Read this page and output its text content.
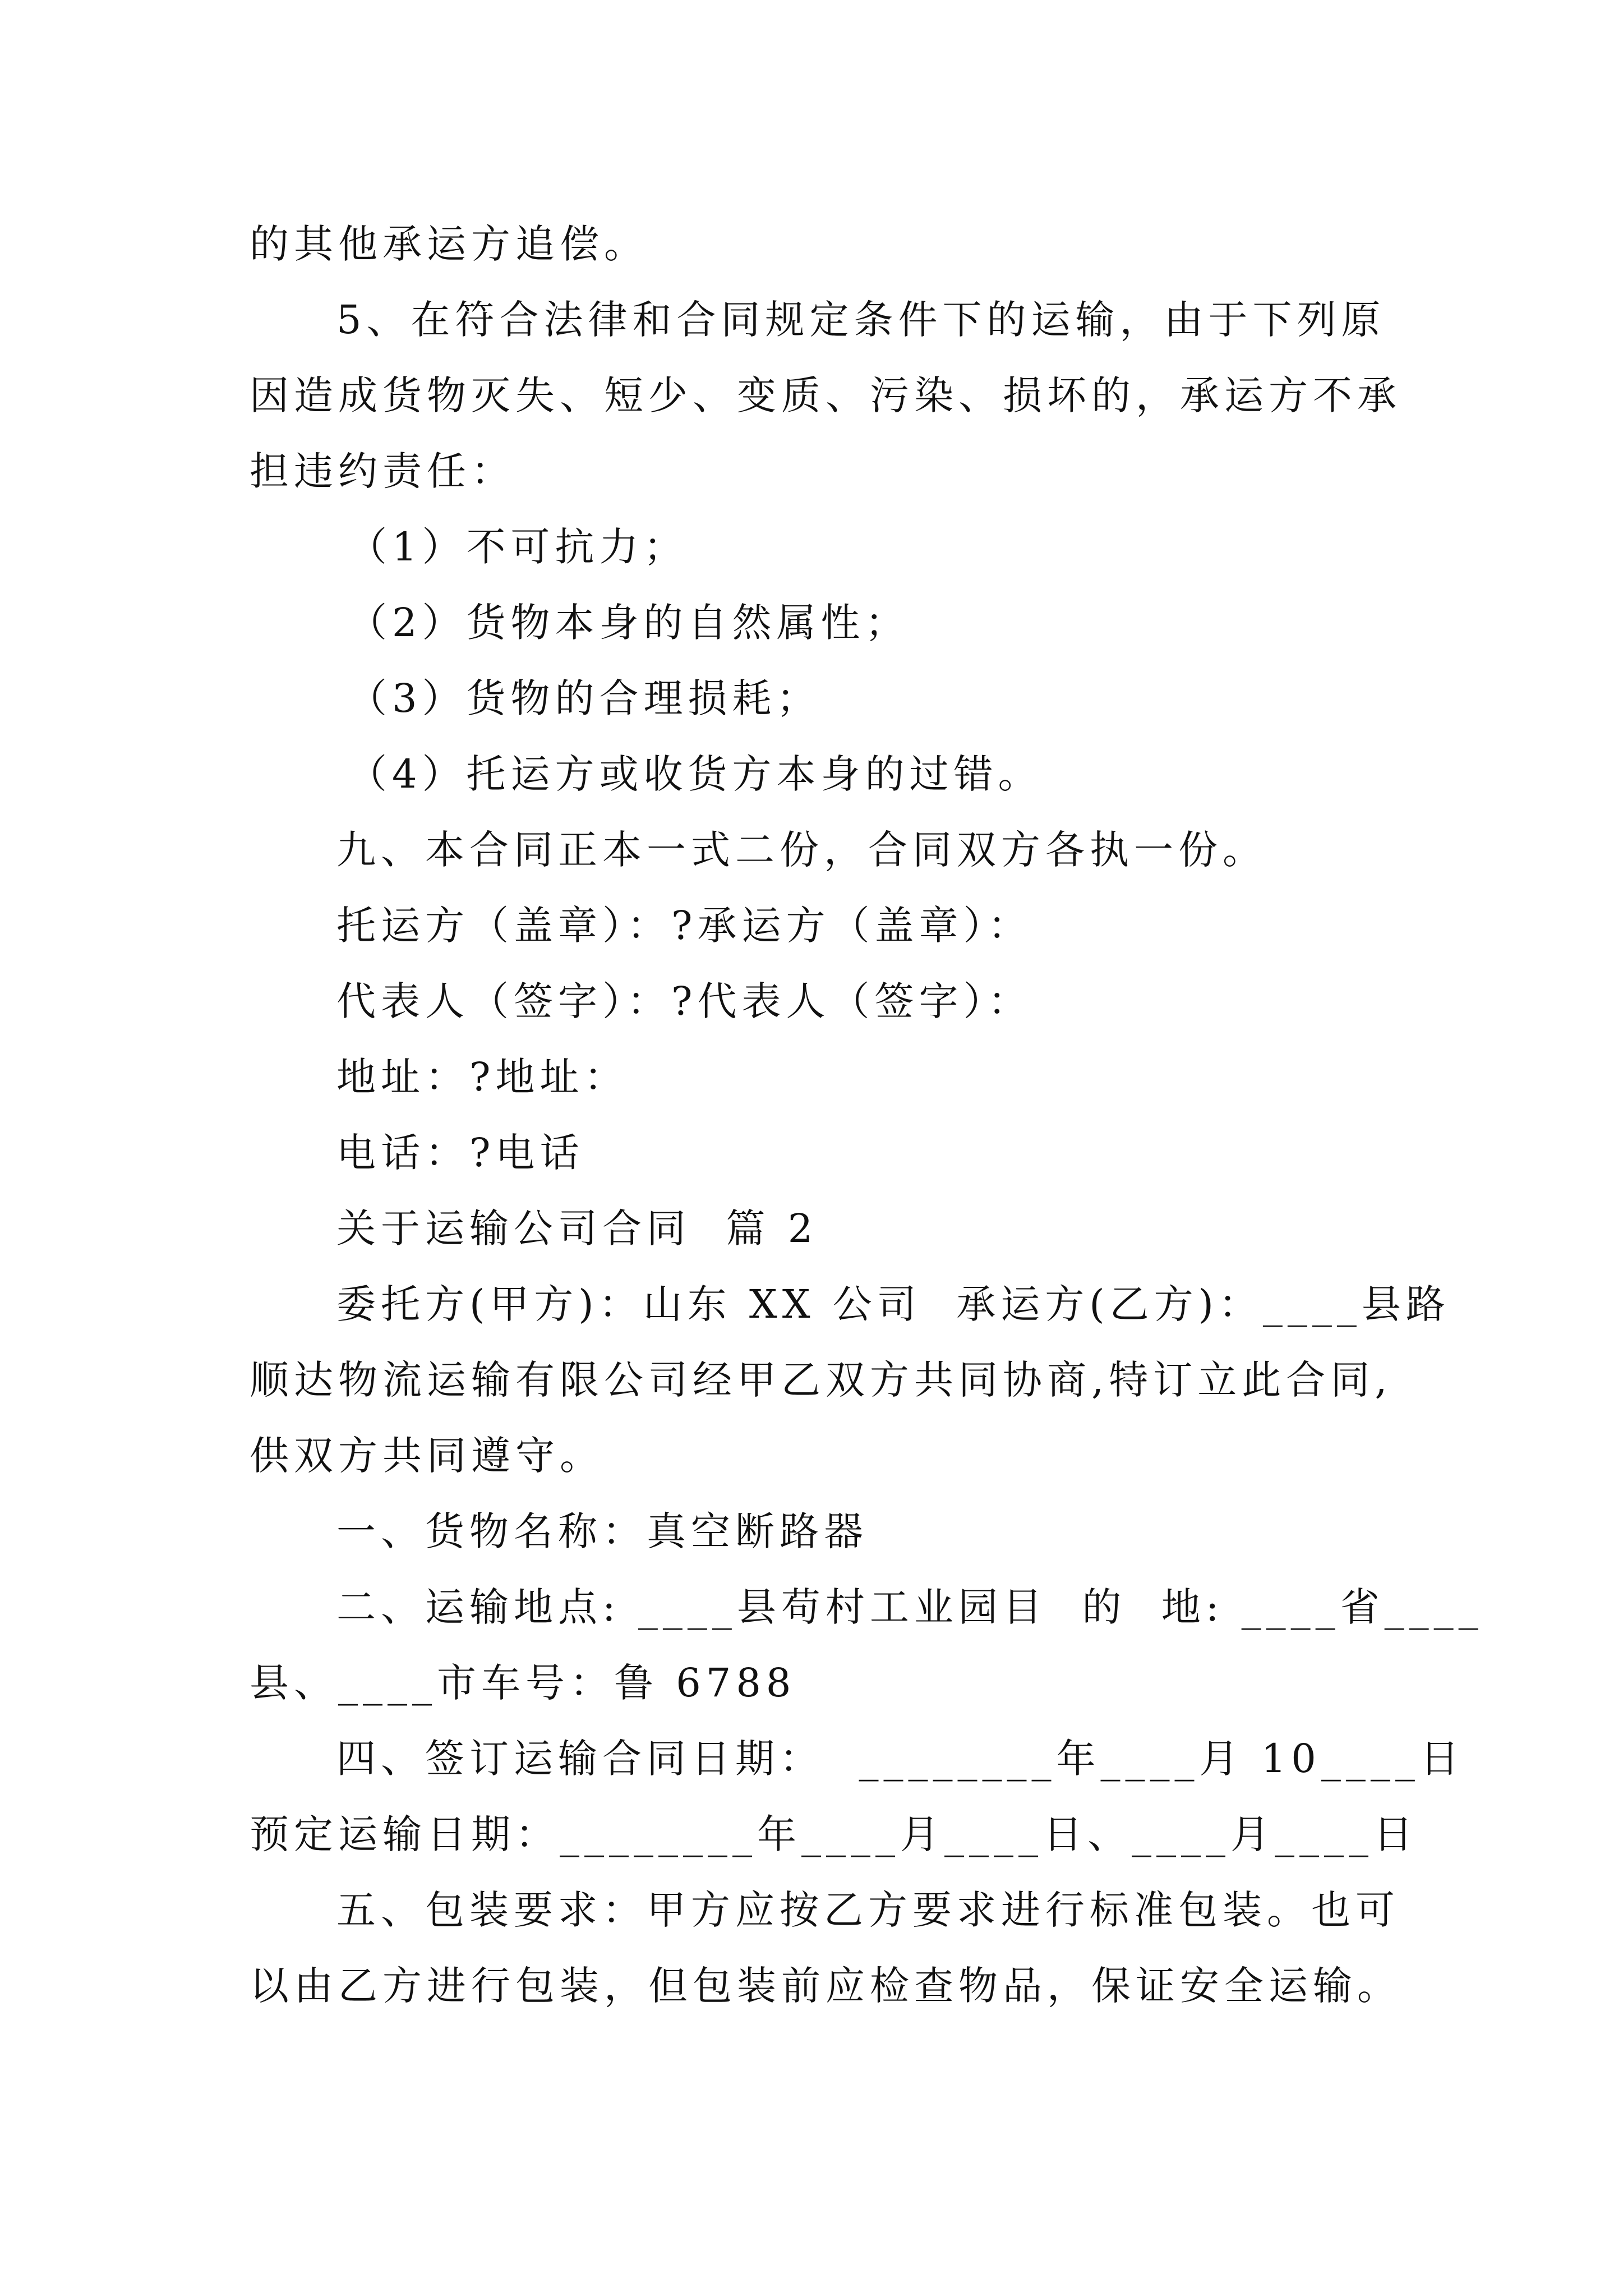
的其他承运方追偿。
5、在符合法律和合同规定条件下的运输，由于下列原
因造成货物灭失、短少、变质、污染、损坏的，承运方不承
担违约责任：
（1）不可抗力；
（2）货物本身的自然属性；
（3）货物的合理损耗；
（4）托运方或收货方本身的过错。
九、本合同正本一式二份，合同双方各执一份。
托运方（盖章）：?承运方（盖章）：
代表人（签字）：?代表人（签字）：
地址：?地址：
电话：?电话
关于运输公司合同  篇 2
委托方(甲方)：山东 XX 公司  承运方(乙方)：____县路
顺达物流运输有限公司经甲乙双方共同协商,特订立此合同,
供双方共同遵守。
一、货物名称：真空断路器
二、运输地点: ____县苟村工业园目  的  地: ____省____
县、____市车号：鲁 6788
四、签订运输合同日期：  ________年____月 10____日
预定运输日期：________年____月____日、____月____日
五、包装要求：甲方应按乙方要求进行标准包装。也可
以由乙方进行包装，但包装前应检查物品，保证安全运输。
